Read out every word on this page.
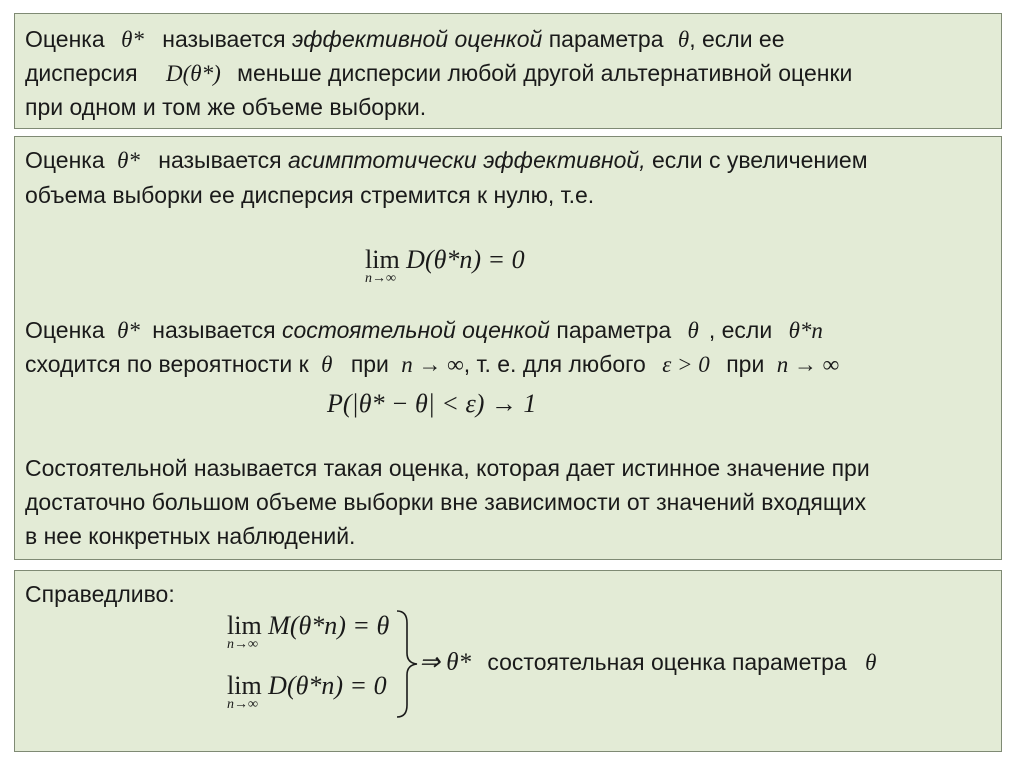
Оценка θ* называется эффективной оценкой параметра θ, если ее
дисперсия D(θ*) меньше дисперсии любой другой альтернативной оценки
при одном и том же объеме выборки.
Оценка θ* называется асимптотически эффективной, если с увеличением
объема выборки ее дисперсия стремится к нулю, т.е.
lim
n→∞
D(θ*n) = 0
Оценка θ* называется состоятельной оценкой параметра θ , если θ*n
сходится по вероятности к θ при n → ∞, т. е. для любого ε > 0 при n → ∞
P(|θ* − θ| < ε) → 1
Состоятельной называется такая оценка, которая дает истинное значение при
достаточно большом объеме выборки вне зависимости от значений входящих
в нее конкретных наблюдений.
Справедливо:
lim
n→∞
M(θ*n) = θ
lim
n→∞
D(θ*n) = 0
⇒ θ* состоятельная оценка параметра θ
